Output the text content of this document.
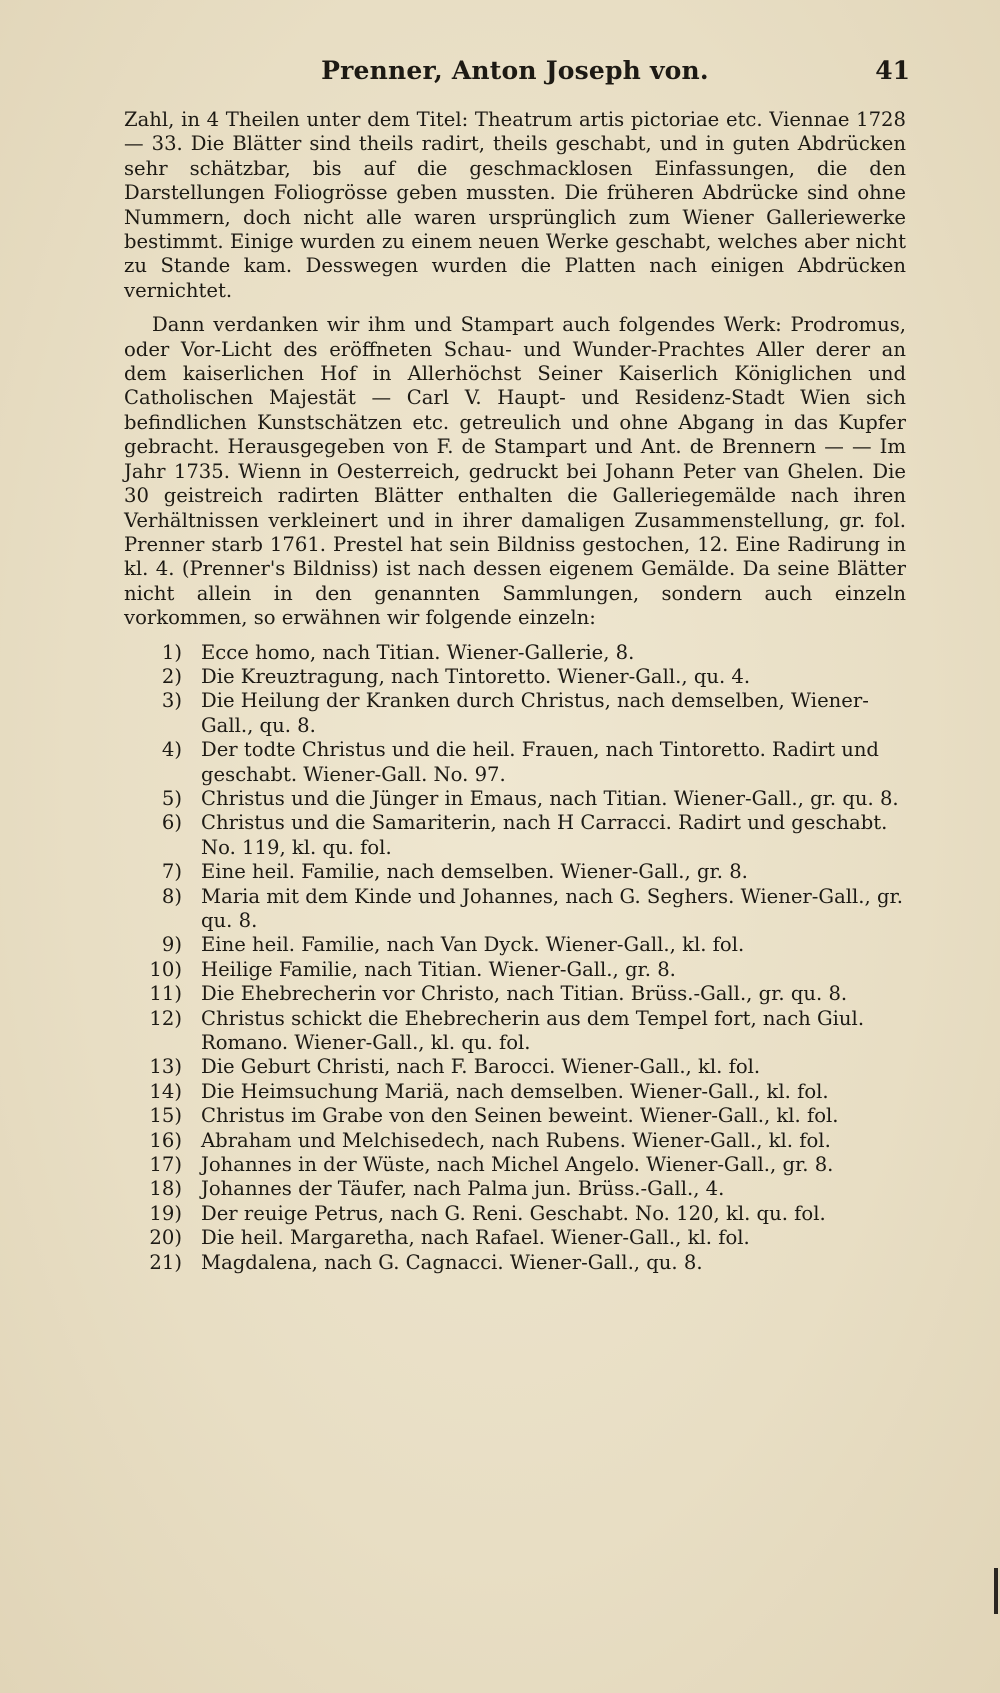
Prenner, Anton Joseph von.	41

Zahl, in 4 Theilen unter dem Titel: Theatrum artis pictoriae etc. Viennae 1728 — 33. Die Blätter sind theils radirt, theils geschabt, und in guten Abdrücken sehr schätzbar, bis auf die geschmacklosen Einfassungen, die den Darstellungen Foliogrösse geben mussten. Die früheren Abdrücke sind ohne Nummern, doch nicht alle waren ursprünglich zum Wiener Galleriewerke bestimmt. Einige wurden zu einem neuen Werke geschabt, welches aber nicht zu Stande kam. Desswegen wurden die Platten nach einigen Abdrücken vernichtet.

Dann verdanken wir ihm und Stampart auch folgendes Werk: Prodromus, oder Vor-Licht des eröffneten Schau- und Wunder-Prachtes Aller derer an dem kaiserlichen Hof in Allerhöchst Seiner Kaiserlich Königlichen und Catholischen Majestät — Carl V. Haupt- und Residenz-Stadt Wien sich befindlichen Kunstschätzen etc. getreulich und ohne Abgang in das Kupfer gebracht. Herausgegeben von F. de Stampart und Ant. de Brennern — — Im Jahr 1735. Wienn in Oesterreich, gedruckt bei Johann Peter van Ghelen. Die 30 geistreich radirten Blätter enthalten die Galleriegemälde nach ihren Verhältnissen verkleinert und in ihrer damaligen Zusammenstellung, gr. fol. Prenner starb 1761. Prestel hat sein Bildniss gestochen, 12. Eine Radirung in kl. 4. (Prenner's Bildniss) ist nach dessen eigenem Gemälde. Da seine Blätter nicht allein in den genannten Sammlungen, sondern auch einzeln vorkommen, so erwähnen wir folgende einzeln:

1) Ecce homo, nach Titian. Wiener-Gallerie, 8.
2) Die Kreuztragung, nach Tintoretto. Wiener-Gall., qu. 4.
3) Die Heilung der Kranken durch Christus, nach demselben, Wiener-Gall., qu. 8.
4) Der todte Christus und die heil. Frauen, nach Tintoretto. Radirt und geschabt. Wiener-Gall. No. 97.
5) Christus und die Jünger in Emaus, nach Titian. Wiener-Gall., gr. qu. 8.
6) Christus und die Samariterin, nach H Carracci. Radirt und geschabt. No. 119, kl. qu. fol.
7) Eine heil. Familie, nach demselben. Wiener-Gall., gr. 8.
8) Maria mit dem Kinde und Johannes, nach G. Seghers. Wiener-Gall., gr. qu. 8.
9) Eine heil. Familie, nach Van Dyck. Wiener-Gall., kl. fol.
10) Heilige Familie, nach Titian. Wiener-Gall., gr. 8.
11) Die Ehebrecherin vor Christo, nach Titian. Brüss.-Gall., gr. qu. 8.
12) Christus schickt die Ehebrecherin aus dem Tempel fort, nach Giul. Romano. Wiener-Gall., kl. qu. fol.
13) Die Geburt Christi, nach F. Barocci. Wiener-Gall., kl. fol.
14) Die Heimsuchung Mariä, nach demselben. Wiener-Gall., kl. fol.
15) Christus im Grabe von den Seinen beweint. Wiener-Gall., kl. fol.
16) Abraham und Melchisedech, nach Rubens. Wiener-Gall., kl. fol.
17) Johannes in der Wüste, nach Michel Angelo. Wiener-Gall., gr. 8.
18) Johannes der Täufer, nach Palma jun. Brüss.-Gall., 4.
19) Der reuige Petrus, nach G. Reni. Geschabt. No. 120, kl. qu. fol.
20) Die heil. Margaretha, nach Rafael. Wiener-Gall., kl. fol.
21) Magdalena, nach G. Cagnacci. Wiener-Gall., qu. 8.
